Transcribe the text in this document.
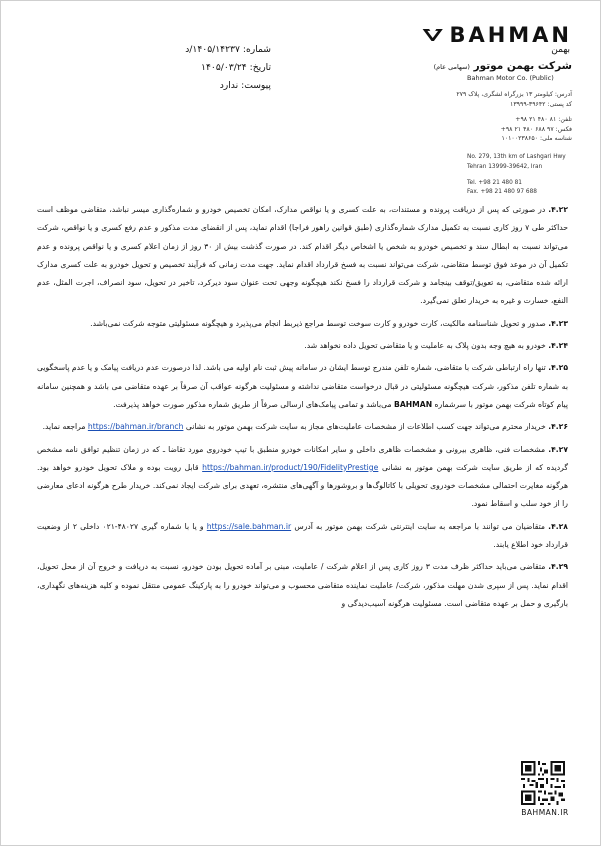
BAHMAN
بهمن
شرکت بهمن موتور (سهامی عام)
Bahman Motor Co. (Public)
آدرس: کیلومتر ۱۳ بزرگراه لشگری، پلاک ۲۷۹
کد پستی: ۳۹۶۴۲-۱۳۹۹۹
تلفن: ۸۱ ۴۸۰ ۲۱ ۹۸+
فکس: ۹۷ ۶۸۸ ۴۸۰ ۲۱ ۹۸+
شناسه ملی: ۱۰۱۰۰۲۳۸۶۵۰
No. 279, 13th km of Lashgari Hwy
Tehran 13999-39642, Iran
Tel. +98 21 480 81
Fax. +98 21 480 97 688
شماره: ۱۴۰۵/۱۴۲۳۷/د
تاریخ: ۱۴۰۵/۰۳/۲۴
پیوست: ندارد

۴.۲۲. در صورتی که پس از دریافت پرونده و مستندات، به علت کسری و یا نواقص مدارک، امکان تخصیص خودرو و شماره‌گذاری میسر نباشد، متقاضی موظف است حداکثر طی ۷ روز کاری نسبت به تکمیل مدارک شماره‌گذاری (طبق قوانین راهور فراجا) اقدام نماید، پس از انقضای مدت مذکور و عدم رفع کسری و یا نواقص، شرکت می‌تواند نسبت به ابطال سند و تخصیص خودرو به شخص یا اشخاص دیگر اقدام کند. در صورت گذشت بیش از ۳۰ روز از زمان اعلام کسری و یا نواقص پرونده و عدم تکمیل آن در موعد فوق توسط متقاضی، شرکت می‌تواند نسبت به فسخ قرارداد اقدام نماید. جهت مدت زمانی که فرآیند تخصیص و تحویل خودرو به علت کسری مدارک ارائه شده متقاضی، به تعویق/توقف بینجامد و شرکت قرارداد را فسخ نکند هیچگونه وجهی تحت عنوان سود دیرکرد، تاخیر در تحویل، سود انصراف، اجرت المثل، عدم النفع، خسارت و غیره به خریدار تعلق نمی‌گیرد.

۴.۲۳. صدور و تحویل شناسنامه مالکیت، کارت خودرو و کارت سوخت توسط مراجع ذیربط انجام می‌پذیرد و هیچگونه مسئولیتی متوجه شرکت نمی‌باشد.

۴.۲۴. خودرو به هیچ وجه بدون پلاک به عاملیت و یا متقاضی تحویل داده نخواهد شد.

۴.۲۵. تنها راه ارتباطی شرکت با متقاضی، شماره تلفن مندرج توسط ایشان در سامانه پیش ثبت نام اولیه می باشد. لذا درصورت عدم دریافت پیامک و یا عدم پاسخگویی به شماره تلفن مذکور، شرکت هیچگونه مسئولیتی در قبال درخواست متقاضی نداشته و مسئولیت هرگونه عواقب آن صرفاً بر عهده متقاضی می باشد و همچنین سامانه پیام کوتاه شرکت بهمن موتور با سرشماره BAHMAN می‌باشد و تمامی پیامک‌های ارسالی صرفاً از طریق شماره مذکور صورت خواهد پذیرفت.

۴.۲۶. خریدار محترم می‌تواند جهت کسب اطلاعات از مشخصات عاملیت‌های مجاز به سایت شرکت بهمن موتور به نشانی https://bahman.ir/branch مراجعه نماید.

۴.۲۷. مشخصات فنی، ظاهری بیرونی و مشخصات ظاهری داخلی و سایر امکانات خودرو منطبق با تیپ خودروی مورد تقاضا ـ که در زمان تنظیم توافق نامه مشخص گردیده که از طریق سایت شرکت بهمن موتور به نشانی https://bahman.ir/product/190/FidelityPrestige قابل رویت بوده و ملاک تحویل خودرو خواهد بود. هرگونه مغایرت احتمالی مشخصات خودروی تحویلی با کاتالوگ‌ها و بروشورها و آگهی‌های منتشره، تعهدی برای شرکت ایجاد نمی‌کند. خریدار طرح هرگونه ادعای معارضی را از خود سلب و اسقاط نمود.

۴.۲۸. متقاضیان می توانند با مراجعه به سایت اینترنتی شرکت بهمن موتور به آدرس https://sale.bahman.ir و یا با شماره گیری ۴۸۰۲۷-۰۲۱ داخلی ۲ از وضعیت قرارداد خود اطلاع یابند.

۴.۲۹. متقاضی می‌باید حداکثر ظرف مدت ۳ روز کاری پس از اعلام شرکت / عاملیت، مبنی بر آماده تحویل بودن خودرو، نسبت به دریافت و خروج آن از محل تحویل، اقدام نماید. پس از سپری شدن مهلت مذکور، شرکت/ عاملیت نماینده متقاضی محسوب و می‌تواند خودرو را به پارکینگ عمومی منتقل نموده و کلیه هزینه‌های نگهداری، بارگیری و حمل بر عهده متقاضی است. مسئولیت هرگونه آسیب‌دیدگی و

BAHMAN.IR
